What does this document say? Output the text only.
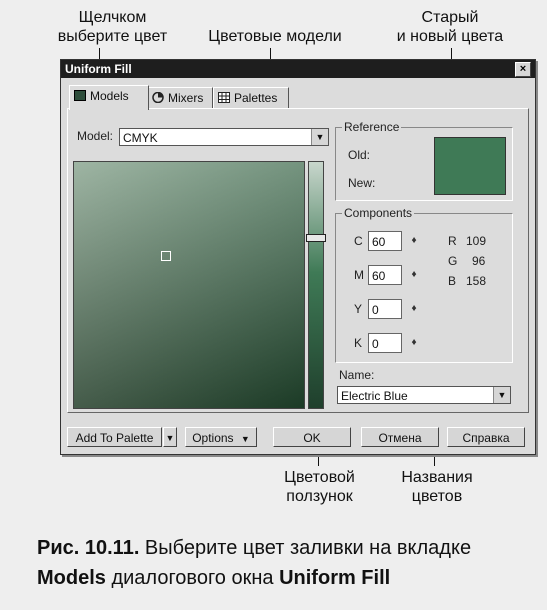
Щелчком
выберите цвет	Цветовые модели
Старый
и новый цвета
Uniform Fill	×
Models	Mixers	Palettes
Model: CMYK	▼
Reference
Old:
New:
Components
C 60	♦
M 60	♦
Y 0	♦
K 0	♦
R 109
G 96
B 158
Name:
Electric Blue	▼
Add To Palette	▼	Options ▼	OK	Отмена	Справка
Цветовой
ползунок
Названия
цветов
Рис. 10.11. Выберите цвет заливки на вкладке
Models диалогового окна Uniform Fill
